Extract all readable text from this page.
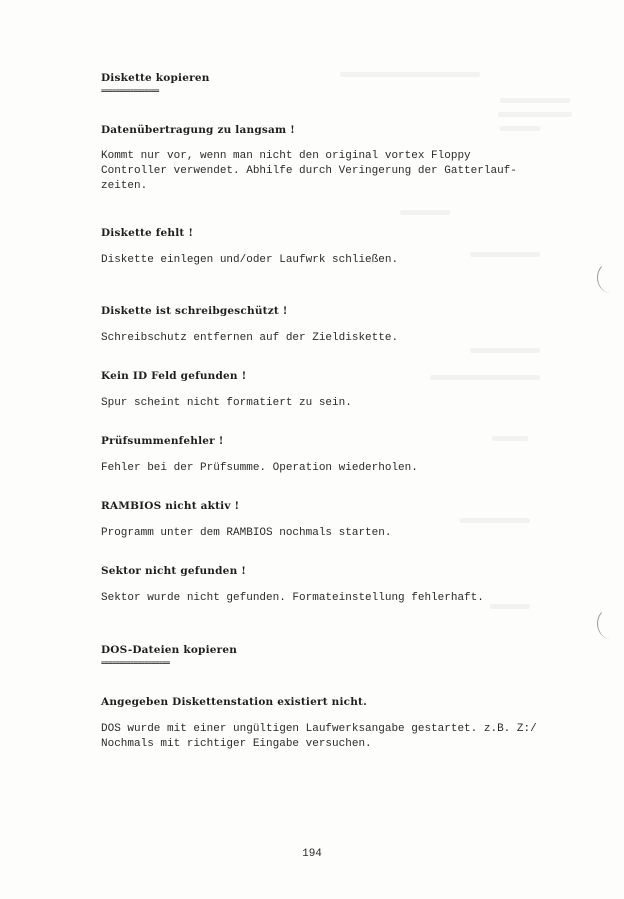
Diskette kopieren
================
Datenübertragung zu langsam !
Kommt nur vor, wenn man nicht den original vortex Floppy
Controller verwendet. Abhilfe durch Veringerung der Gatterlauf-
zeiten.
Diskette fehlt !
Diskette einlegen und/oder Laufwrk schließen.
Diskette ist schreibgeschützt !
Schreibschutz entfernen auf der Zieldiskette.
Kein ID Feld gefunden !
Spur scheint nicht formatiert zu sein.
Prüfsummenfehler !
Fehler bei der Prüfsumme. Operation wiederholen.
RAMBIOS nicht aktiv !
Programm unter dem RAMBIOS nochmals starten.
Sektor nicht gefunden !
Sektor wurde nicht gefunden. Formateinstellung fehlerhaft.
DOS-Dateien kopieren
===================
Angegeben Diskettenstation existiert nicht.
DOS wurde mit einer ungültigen Laufwerksangabe gestartet. z.B. Z:/
Nochmals mit richtiger Eingabe versuchen.
194
